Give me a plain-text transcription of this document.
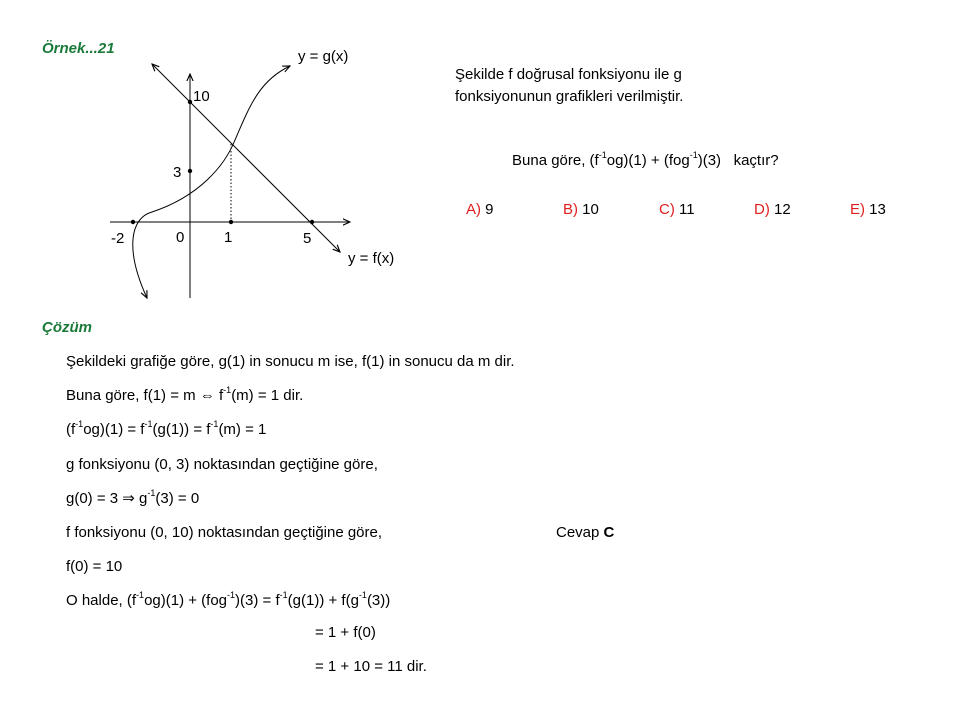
Örnek...21	y = g(x)
y = f(x)
10
3
-2	0	1	5
Şekilde f doğrusal fonksiyonu ile g
fonksiyonunun grafikleri verilmiştir.
Buna göre, $(f^{-1}og)(1) + (fog^{-1})(3)$ kaçtır?
A) 9	B) 10	C) 11	D) 12	E) 13
Çözüm
Şekildeki grafiğe göre, g(1) in sonucu m ise, f(1) in sonucu da m dir.
Buna göre, f(1) = m ⇔ $f^{-1}(m) = 1$ dir.
$(f^{-1}og)(1) = f^{-1}(g(1)) = f^{-1}(m) = 1$
g fonksiyonu (0, 3) noktasından geçtiğine göre,
g(0) = 3 ⇒ $g^{-1}(3) = 0$
f fonksiyonu (0, 10) noktasından geçtiğine göre,	Cevap C
f(0) = 10
O halde, $(f^{-1}og)(1) + (fog^{-1})(3) = f^{-1}(g(1)) + f(g^{-1}(3))$
= 1 + f(0)
= 1 + 10 = 11 dir.
